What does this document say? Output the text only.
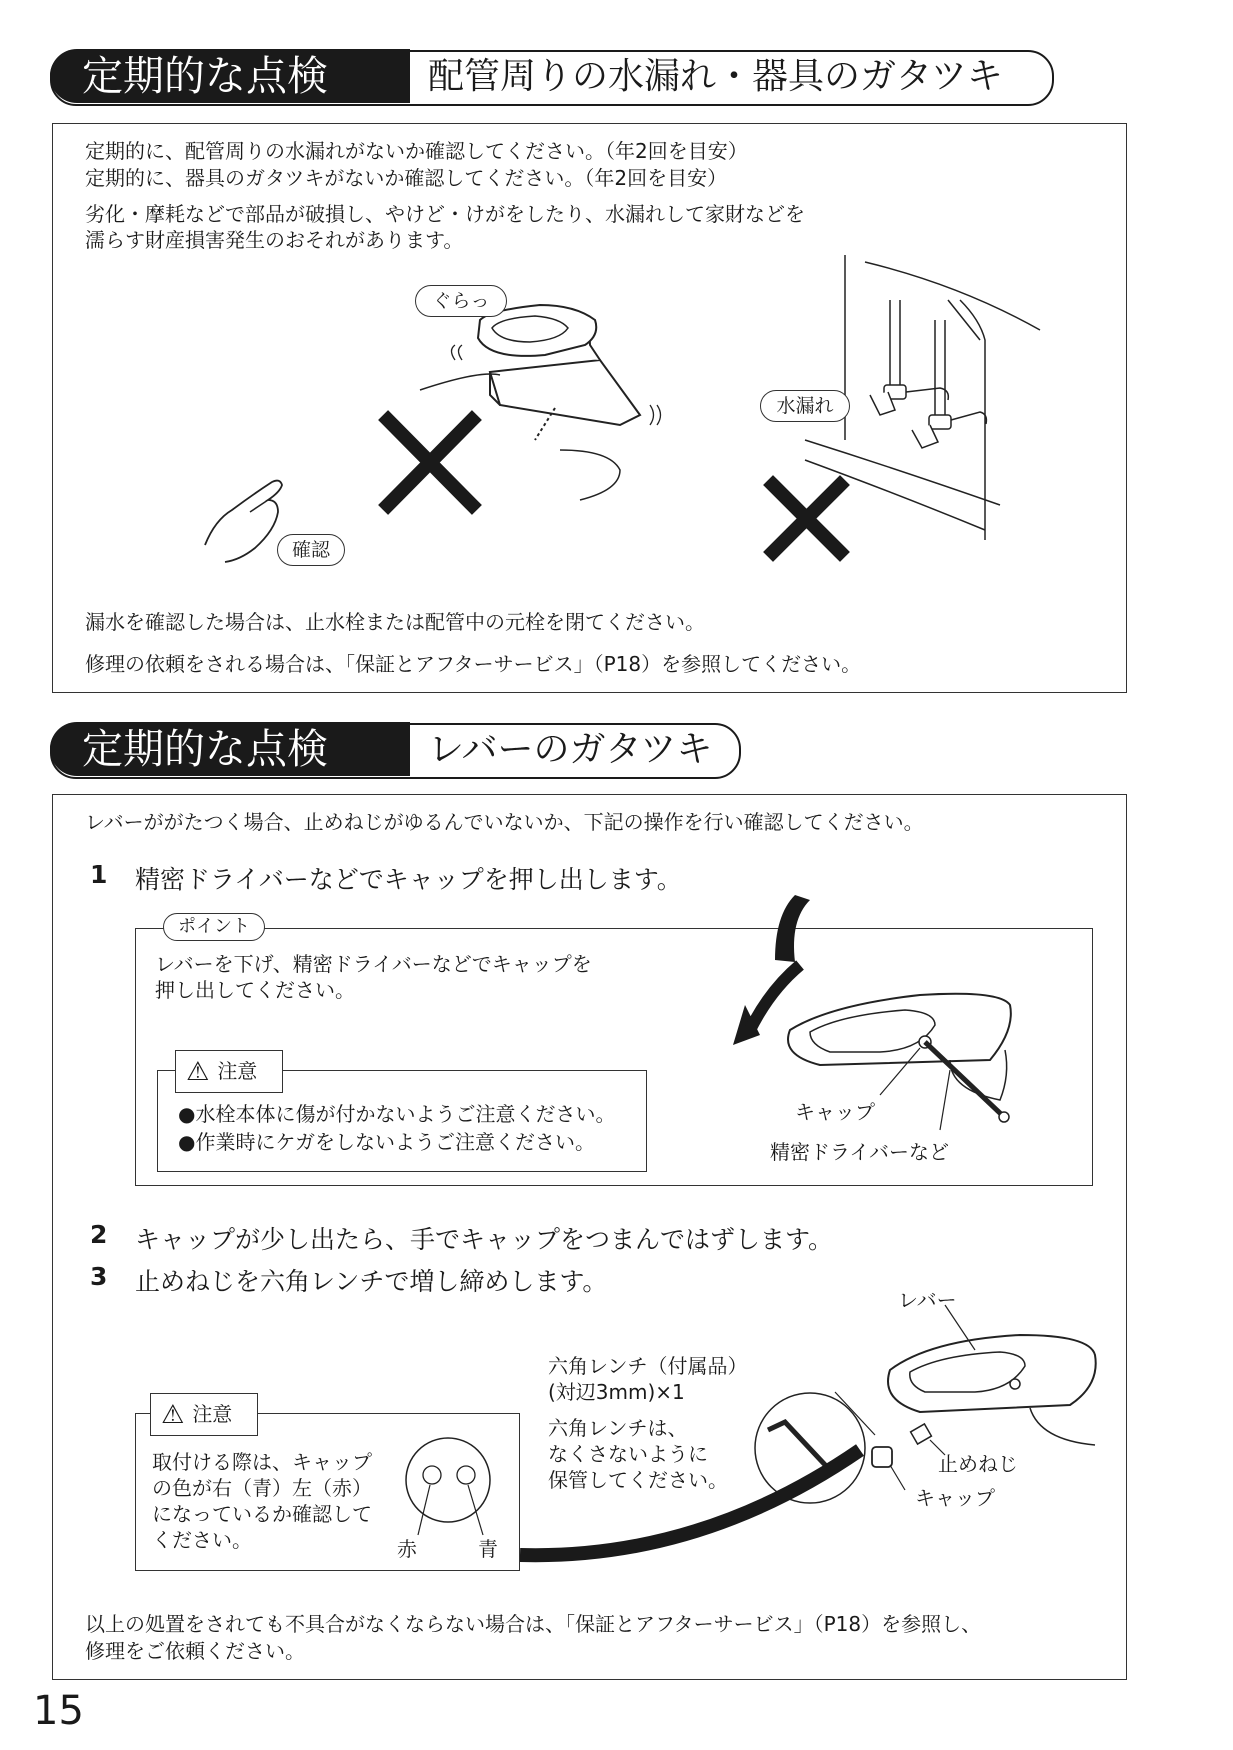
定期的な点検	配管周りの水漏れ・器具のガタツキ
定期的に、配管周りの水漏れがないか確認してください。（年2回を目安）
定期的に、器具のガタツキがないか確認してください。（年2回を目安）
劣化・摩耗などで部品が破損し、やけど・けがをしたり、水漏れして家財などを
濡らす財産損害発生のおそれがあります。
ぐらっ
確認
水漏れ
漏水を確認した場合は、止水栓または配管中の元栓を閉てください。
修理の依頼をされる場合は、「保証とアフターサービス」（P18）を参照してください。
定期的な点検	レバーのガタツキ
レバーががたつく場合、止めねじがゆるんでいないか、下記の操作を行い確認してください。
1 精密ドライバーなどでキャップを押し出します。
ポイント
レバーを下げ、精密ドライバーなどでキャップを
押し出してください。
⚠ 注意
●水栓本体に傷が付かないようご注意ください。
●作業時にケガをしないようご注意ください。
キャップ
精密ドライバーなど
2 キャップが少し出たら、手でキャップをつまんではずします。
3 止めねじを六角レンチで増し締めします。
レバー
六角レンチ（付属品）
(対辺3mm)×1
六角レンチは、
なくさないように
保管してください。
止めねじ
キャップ
⚠ 注意
取付ける際は、キャップ
の色が右（青）左（赤）
になっているか確認して
ください。	赤	青
以上の処置をされても不具合がなくならない場合は、「保証とアフターサービス」（P18）を参照し、
修理をご依頼ください。
15
